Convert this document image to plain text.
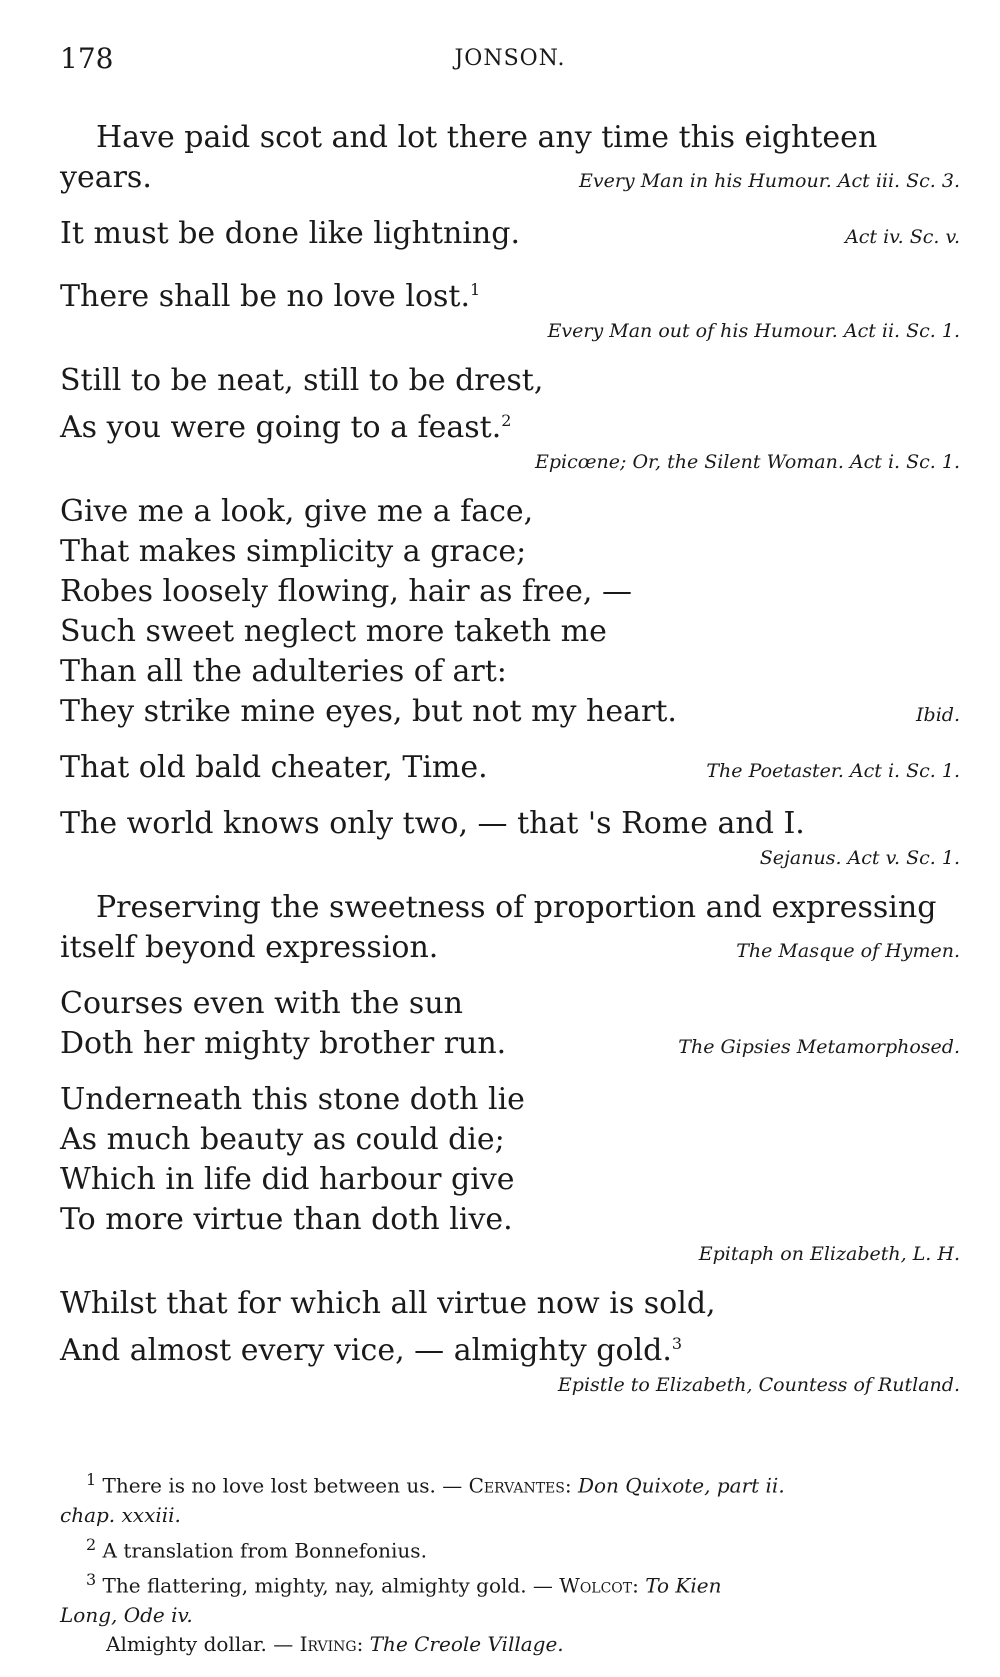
178	JONSON.
Have paid scot and lot there any time this eighteen
years.	Every Man in his Humour. Act iii. Sc. 3.
It must be done like lightning.	Act iv. Sc. v.
There shall be no love lost.$^1$
Every Man out of his Humour. Act ii. Sc. 1.
Still to be neat, still to be drest,
As you were going to a feast.$^2$
Epicœne; Or, the Silent Woman. Act i. Sc. 1.
Give me a look, give me a face,
That makes simplicity a grace;
Robes loosely flowing, hair as free, —
Such sweet neglect more taketh me
Than all the adulteries of art:
They strike mine eyes, but not my heart.	Ibid.
That old bald cheater, Time.	The Poetaster. Act i. Sc. 1.
The world knows only two, — that 's Rome and I.
Sejanus. Act v. Sc. 1.
Preserving the sweetness of proportion and expressing
itself beyond expression.	The Masque of Hymen.
Courses even with the sun
Doth her mighty brother run.	The Gipsies Metamorphosed.
Underneath this stone doth lie
As much beauty as could die;
Which in life did harbour give
To more virtue than doth live.
Epitaph on Elizabeth, L. H.
Whilst that for which all virtue now is sold,
And almost every vice, — almighty gold.$^3$
Epistle to Elizabeth, Countess of Rutland.
$^1$ There is no love lost between us. — Cervantes: Don Quixote, part ii.
chap. xxxiii.
$^2$ A translation from Bonnefonius.
$^3$ The flattering, mighty, nay, almighty gold. — Wolcot: To Kien
Long, Ode iv.
Almighty dollar. — Irving: The Creole Village.
